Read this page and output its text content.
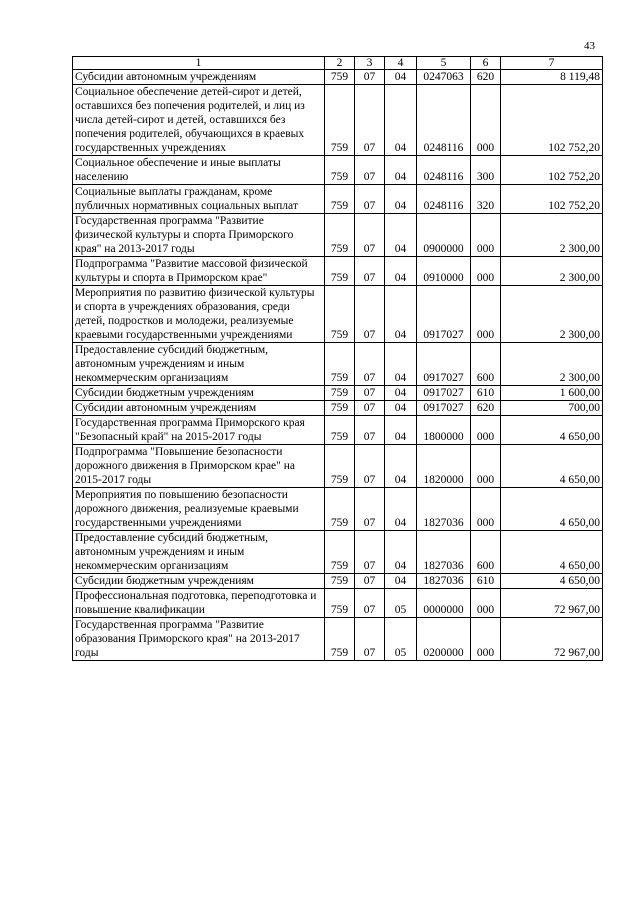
43
1	2	3	4	5	6	7
Субсидии автономным учреждениям	759	07	04	0247063	620	8 119,48
Социальное обеспечение детей-сирот и детей, оставшихся без попечения родителей, и лиц из числа детей-сирот и детей, оставшихся без попечения родителей, обучающихся в краевых государственных учреждениях	759	07	04	0248116	000	102 752,20
Социальное обеспечение и иные выплаты населению	759	07	04	0248116	300	102 752,20
Социальные выплаты гражданам, кроме публичных нормативных социальных выплат	759	07	04	0248116	320	102 752,20
Государственная программа "Развитие физической культуры и спорта Приморского края" на 2013-2017 годы	759	07	04	0900000	000	2 300,00
Подпрограмма "Развитие массовой физической культуры и спорта в Приморском крае"	759	07	04	0910000	000	2 300,00
Мероприятия по развитию физической культуры и спорта в учреждениях образования, среди детей, подростков и молодежи, реализуемые краевыми государственными учреждениями	759	07	04	0917027	000	2 300,00
Предоставление субсидий бюджетным, автономным учреждениям и иным некоммерческим организациям	759	07	04	0917027	600	2 300,00
Субсидии бюджетным учреждениям	759	07	04	0917027	610	1 600,00
Субсидии автономным учреждениям	759	07	04	0917027	620	700,00
Государственная программа Приморского края "Безопасный край" на 2015-2017 годы	759	07	04	1800000	000	4 650,00
Подпрограмма "Повышение безопасности дорожного движения в Приморском крае" на 2015-2017 годы	759	07	04	1820000	000	4 650,00
Мероприятия по повышению безопасности дорожного движения, реализуемые краевыми государственными учреждениями	759	07	04	1827036	000	4 650,00
Предоставление субсидий бюджетным, автономным учреждениям и иным некоммерческим организациям	759	07	04	1827036	600	4 650,00
Субсидии бюджетным учреждениям	759	07	04	1827036	610	4 650,00
Профессиональная подготовка, переподготовка и повышение квалификации	759	07	05	0000000	000	72 967,00
Государственная программа "Развитие образования Приморского края" на 2013-2017 годы	759	07	05	0200000	000	72 967,00
